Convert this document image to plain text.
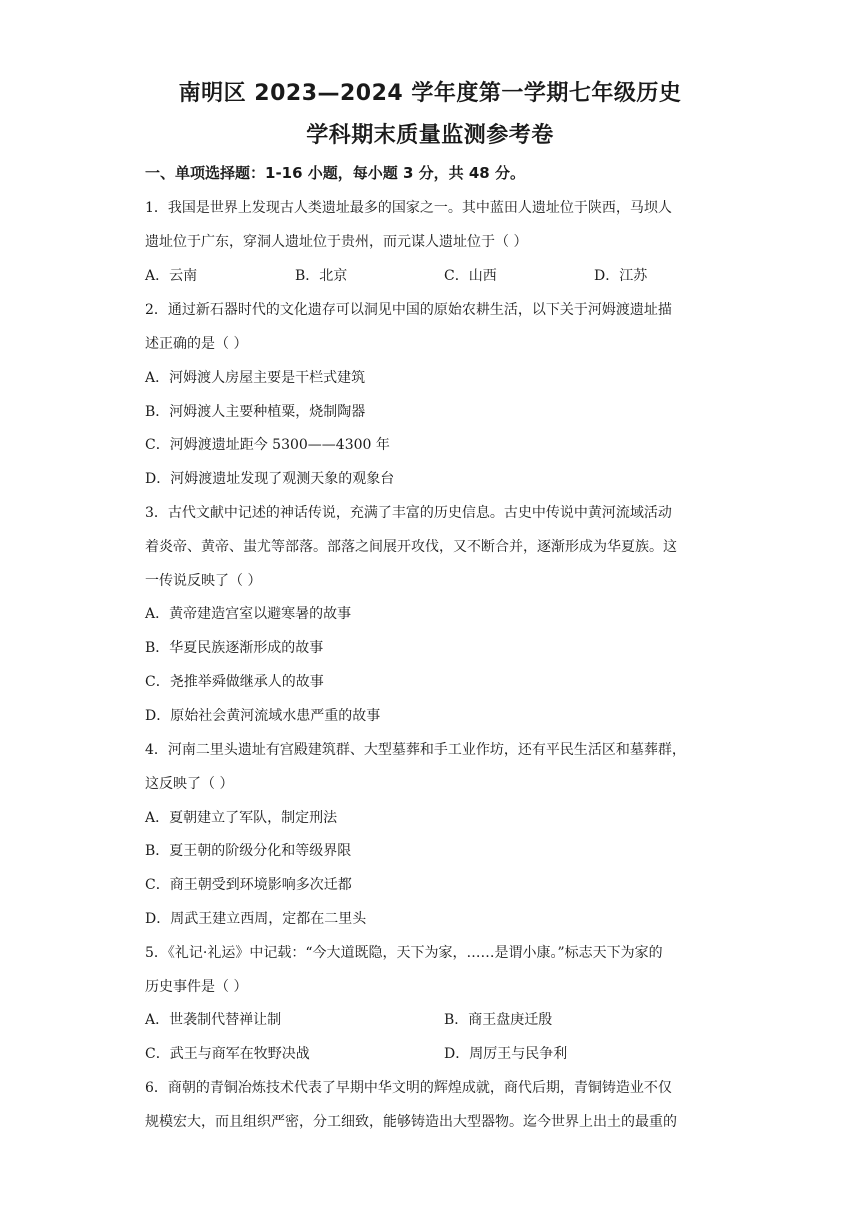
南明区 2023—2024 学年度第一学期七年级历史
学科期末质量监测参考卷
一、单项选择题：1-16 小题，每小题 3 分，共 48 分。
1．我国是世界上发现古人类遗址最多的国家之一。其中蓝田人遗址位于陕西，马坝人
遗址位于广东，穿洞人遗址位于贵州，而元谋人遗址位于（ ）
A．云南	B．北京	C．山西	D．江苏
2．通过新石器时代的文化遗存可以洞见中国的原始农耕生活，以下关于河姆渡遗址描
述正确的是（ ）
A．河姆渡人房屋主要是干栏式建筑
B．河姆渡人主要种植粟，烧制陶器
C．河姆渡遗址距今 5300——4300 年
D．河姆渡遗址发现了观测天象的观象台
3．古代文献中记述的神话传说，充满了丰富的历史信息。古史中传说中黄河流域活动
着炎帝、黄帝、蚩尤等部落。部落之间展开攻伐，又不断合并，逐渐形成为华夏族。这
一传说反映了（ ）
A．黄帝建造宫室以避寒暑的故事
B．华夏民族逐渐形成的故事
C．尧推举舜做继承人的故事
D．原始社会黄河流域水患严重的故事
4．河南二里头遗址有宫殿建筑群、大型墓葬和手工业作坊，还有平民生活区和墓葬群，
这反映了（ ）
A．夏朝建立了军队，制定刑法
B．夏王朝的阶级分化和等级界限
C．商王朝受到环境影响多次迁都
D．周武王建立西周，定都在二里头
5．《礼记·礼运》中记载：“今大道既隐，天下为家，……是谓小康。”标志天下为家的
历史事件是（ ）
A．世袭制代替禅让制	B．商王盘庚迁殷
C．武王与商军在牧野决战	D．周厉王与民争利
6．商朝的青铜冶炼技术代表了早期中华文明的辉煌成就，商代后期，青铜铸造业不仅
规模宏大，而且组织严密，分工细致，能够铸造出大型器物。迄今世界上出土的最重的
